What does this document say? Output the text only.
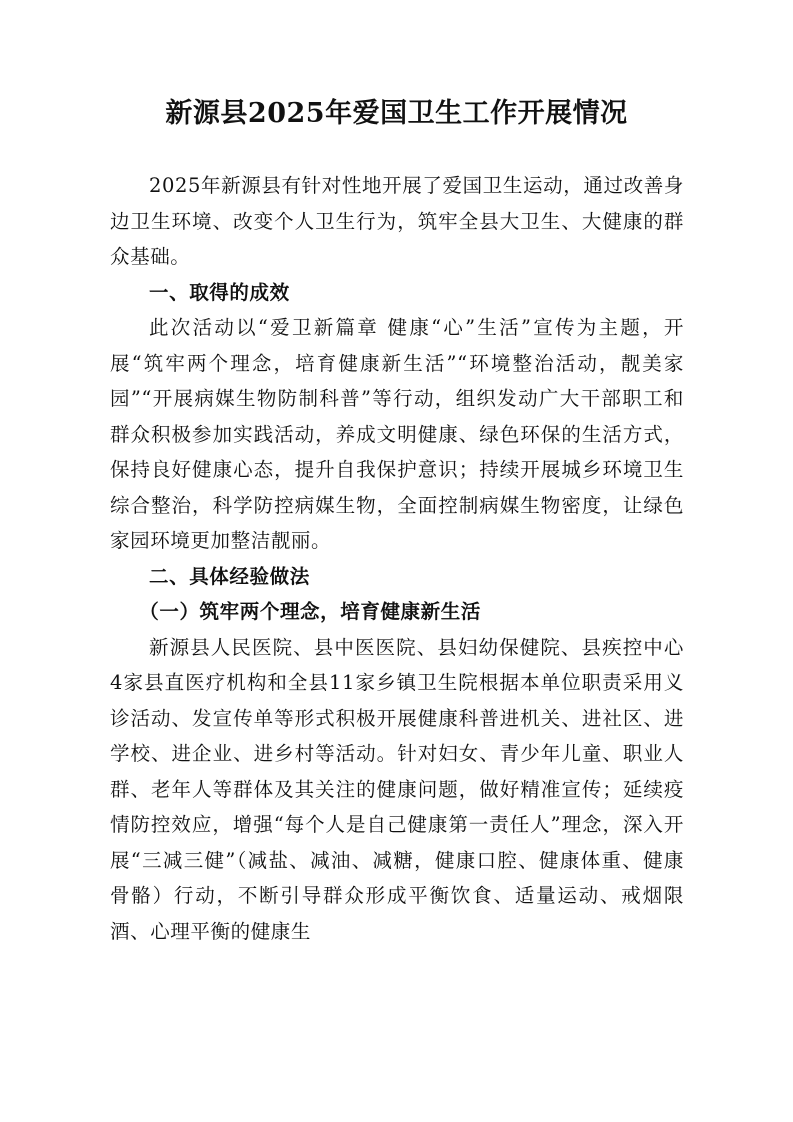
新源县2025年爱国卫生工作开展情况

2025年新源县有针对性地开展了爱国卫生运动，通过改善身边卫生环境、改变个人卫生行为，筑牢全县大卫生、大健康的群众基础。

一、取得的成效

此次活动以“爱卫新篇章 健康“心”生活”宣传为主题，开展“筑牢两个理念，培育健康新生活”“环境整治活动，靓美家园”“开展病媒生物防制科普”等行动，组织发动广大干部职工和群众积极参加实践活动，养成文明健康、绿色环保的生活方式，保持良好健康心态，提升自我保护意识；持续开展城乡环境卫生综合整治，科学防控病媒生物，全面控制病媒生物密度，让绿色家园环境更加整洁靓丽。

二、具体经验做法

（一）筑牢两个理念，培育健康新生活

新源县人民医院、县中医医院、县妇幼保健院、县疾控中心4家县直医疗机构和全县11家乡镇卫生院根据本单位职责采用义诊活动、发宣传单等形式积极开展健康科普进机关、进社区、进学校、进企业、进乡村等活动。针对妇女、青少年儿童、职业人群、老年人等群体及其关注的健康问题，做好精准宣传；延续疫情防控效应，增强“每个人是自己健康第一责任人”理念，深入开展“三减三健”（减盐、减油、减糖，健康口腔、健康体重、健康骨骼）行动，不断引导群众形成平衡饮食、适量运动、戒烟限酒、心理平衡的健康生
